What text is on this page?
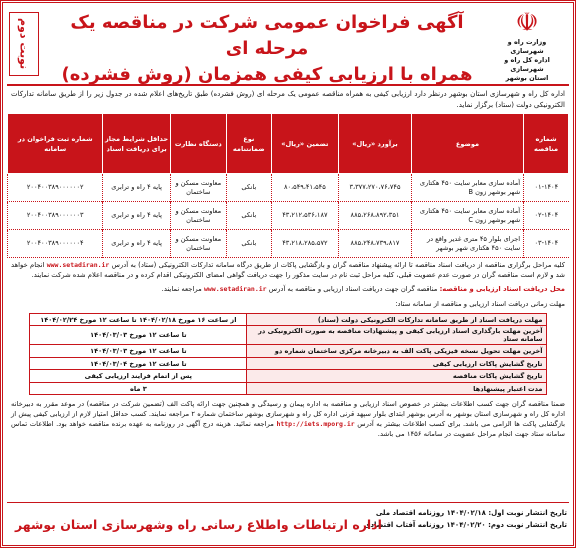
☫
وزارت راه و شهرسازی
اداره کل راه و شهرسازی
استان بوشهر
آگهی فراخوان عمومی شرکت در مناقصه یک مرحله ای
همراه با ارزیابی کیفی همزمان (روش فشرده)
نوبت دوم
اداره کل راه و شهرسازی استان بوشهر درنظر دارد ارزیابی کیفی به همراه مناقصه عمومی یک مرحله ای (روش فشرده) طبق تاریخ‌های اعلام شده در جدول زیر را از طریق سامانه تدارکات الکترونیکی دولت (ستاد) برگزار نماید.
شماره مناقصه	موضوع	برآورد «ریال»	تضمین «ریال»	نوع ضمانتنامه	دستگاه نظارت	حداقل شرایط مجاز برای دریافت اسناد	شماره ثبت فراخوان در سامانه
۰۱-۱۴۰۴	آماده سازی معابر سایت ۴۵۰ هکتاری شهر بوشهر زون B	۳،۳۷۷،۲۷۰،۷۶،۷۴۵	۸۰،۵۴۹،۴۱،۵۴۵	بانکی	معاونت مسکن و ساختمان	پایه ۴ راه و ترابری	۲۰۰۴۰۰۳۸۹۰۰۰۰۰۰۲
۰۲-۱۴۰۴	آماده سازی معابر سایت ۴۵۰ هکتاری شهر بوشهر زون C	۸۸۵،۲۶۸،۸۹۲،۳۵۱	۴۳،۲۱۲،۵۳۶،۱۸۷	بانکی	معاونت مسکن و ساختمان	پایه ۴ راه و ترابری	۲۰۰۴۰۰۳۸۹۰۰۰۰۰۰۳
۰۳-۱۴۰۴	اجرای بلوار ۴۵ متری غدیر واقع در سایت ۴۵۰ هکتاری شهر بوشهر	۸۸۵،۲۴۸،۷۳۹،۸۱۷	۴۳،۲۱۸،۲۸۵،۵۷۲	بانکی	معاونت مسکن و ساختمان	پایه ۴ راه و ترابری	۲۰۰۴۰۰۳۸۹۰۰۰۰۰۰۴
کلیه مراحل برگزاری مناقصه از دریافت اسناد مناقصه تا ارائه پیشنهاد مناقصه گران و بازگشایی پاکات از طریق درگاه سامانه تدارکات الکترونیکی (ستاد) به آدرس www.setadiran.ir انجام خواهد شد و لازم است مناقصه گران در صورت عدم عضویت قبلی، کلیه مراحل ثبت نام در سایت مذکور را جهت دریافت گواهی امضای الکترونیکی اقدام کرده و در مناقصه اعلام شده شرکت نمایند.
محل دریافت اسناد ارزیابی و مناقصه: مناقصه گران جهت دریافت اسناد ارزیابی و مناقصه به آدرس www.setadiran.ir مراجعه نمایند.
مهلت زمانی دریافت اسناد ارزیابی و مناقصه از سامانه ستاد:
مهلت دریافت اسناد از طریق سامانه تدارکات الکترونیکی دولت (ستاد)	از ساعت ۱۶ مورخ ۱۴۰۴/۰۲/۱۸ تا ساعت ۱۲ مورخ ۱۴۰۴/۰۲/۲۴
آخرین مهلت بارگذاری اسناد ارزیابی کیفی و پیشنهادات مناقصه به صورت الکترونیکی در سامانه ستاد	تا ساعت ۱۲ مورخ ۱۴۰۴/۰۳/۰۳
آخرین مهلت تحویل نسخه فیزیکی پاکت الف به دبیرخانه مرکزی ساختمان شماره دو	تا ساعت ۱۲ مورخ ۱۴۰۴/۰۳/۰۳
تاریخ گشایش پاکات ارزیابی کیفی	تا ساعت ۱۲ مورخ ۱۴۰۴/۰۳/۰۴
تاریخ گشایش پاکات مناقصه	پس از اتمام فرایند ارزیابی کیفی
مدت اعتبار پیشنهادها	۳ ماه
ضمنا مناقصه گران جهت کسب اطلاعات بیشتر در خصوص اسناد ارزیابی و مناقصه به اداره پیمان و رسیدگی و همچنین جهت ارائه پاکت الف (تضمین شرکت در مناقصه) در موعد مقرر به دبیرخانه اداره کل راه و شهرسازی استان بوشهر به آدرس بوشهر ابتدای بلوار سپهد قرنی اداره کل راه و شهرسازی بوشهر ساختمان شماره ۲ مراجعه نمایند. کسب حداقل امتیاز لازم از ارزیابی کیفی پیش از بازگشایی پاکت ها الزامی می باشد. برای کسب اطلاعات بیشتر به آدرس http://iets.mporg.ir مراجعه نمائید. هزینه درج آگهی در روزنامه به عهده برنده مناقصه خواهد بود. اطلاعات تماس سامانه ستاد جهت انجام مراحل عضویت در سامانه ۱۴۵۶ می باشد.
تاریخ انتشار نوبت اول: ۱۴۰۴/۰۲/۱۸ روزنامه اقتصاد ملی
تاریخ انتشار نوبت دوم: ۱۴۰۴/۰۲/۲۰ روزنامه آفتاب اقتصادی
اداره ارتباطات واطلاع رسانی راه وشهرسازی استان بوشهر
